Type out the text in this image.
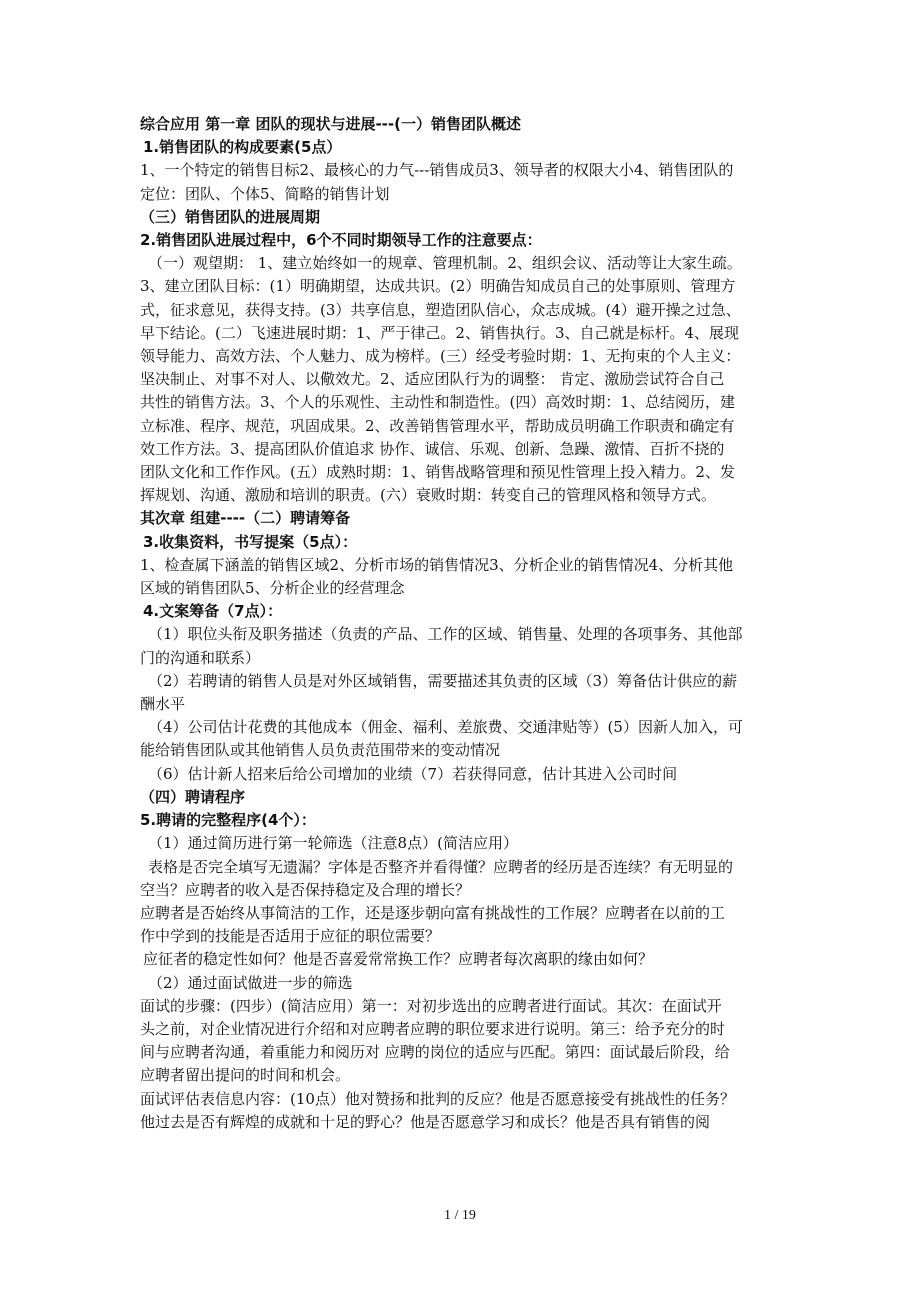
综合应用 第一章 团队的现状与进展---(一）销售团队概述
1.销售团队的构成要素(5点）
1、一个特定的销售目标2、最核心的力气---销售成员3、领导者的权限大小4、销售团队的
定位：团队、个体5、简略的销售计划
（三）销售团队的进展周期
2.销售团队进展过程中，6个不同时期领导工作的注意要点：
（一）观望期： 1、建立始终如一的规章、管理机制。2、组织会议、活动等让大家生疏。
3、建立团队目标：(1）明确期望，达成共识。(2）明确告知成员自己的处事原则、管理方
式，征求意见，获得支持。(3）共享信息，塑造团队信心，众志成城。(4）避开操之过急、
早下结论。(二）飞速进展时期：1、严于律己。2、销售执行。3、自己就是标杆。4、展现
领导能力、高效方法、个人魅力、成为榜样。(三）经受考验时期：1、无拘束的个人主义：
坚决制止、对事不对人、以儆效尤。2、适应团队行为的调整： 肯定、激励尝试符合自己
共性的销售方法。3、个人的乐观性、主动性和制造性。(四）高效时期：1、总结阅历，建
立标准、程序、规范，巩固成果。2、改善销售管理水平，帮助成员明确工作职责和确定有
效工作方法。3、提高团队价值追求 协作、诚信、乐观、创新、急躁、激情、百折不挠的
团队文化和工作作风。(五）成熟时期：1、销售战略管理和预见性管理上投入精力。2、发
挥规划、沟通、激励和培训的职责。(六）衰败时期：转变自己的管理风格和领导方式。
其次章 组建----（二）聘请筹备
3.收集资料，书写提案（5点）：
1、检查属下涵盖的销售区域2、分析市场的销售情况3、分析企业的销售情况4、分析其他
区域的销售团队5、分析企业的经营理念
4.文案筹备（7点）：
（1）职位头衔及职务描述（负责的产品、工作的区域、销售量、处理的各项事务、其他部
门的沟通和联系）
（2）若聘请的销售人员是对外区域销售，需要描述其负责的区域（3）筹备估计供应的薪
酬水平
（4）公司估计花费的其他成本（佣金、福利、差旅费、交通津贴等）(5）因新人加入，可
能给销售团队或其他销售人员负责范围带来的变动情况
（6）估计新人招来后给公司增加的业绩（7）若获得同意，估计其进入公司时间
（四）聘请程序
5.聘请的完整程序(4个）：
（1）通过简历进行第一轮筛选（注意8点）(简洁应用）
表格是否完全填写无遗漏？字体是否整齐并看得懂？应聘者的经历是否连续？有无明显的
空当？应聘者的收入是否保持稳定及合理的增长？
应聘者是否始终从事简洁的工作，还是逐步朝向富有挑战性的工作展？应聘者在以前的工
作中学到的技能是否适用于应征的职位需要？
应征者的稳定性如何？他是否喜爱常常换工作？应聘者每次离职的缘由如何？
（2）通过面试做进一步的筛选
面试的步骤：(四步）(简洁应用）第一：对初步选出的应聘者进行面试。其次：在面试开
头之前，对企业情况进行介绍和对应聘者应聘的职位要求进行说明。第三：给予充分的时
间与应聘者沟通，着重能力和阅历对 应聘的岗位的适应与匹配。第四：面试最后阶段，给
应聘者留出提问的时间和机会。
面试评估表信息内容：(10点）他对赞扬和批判的反应？他是否愿意接受有挑战性的任务？
他过去是否有辉煌的成就和十足的野心？他是否愿意学习和成长？他是否具有销售的阅
1 / 19
